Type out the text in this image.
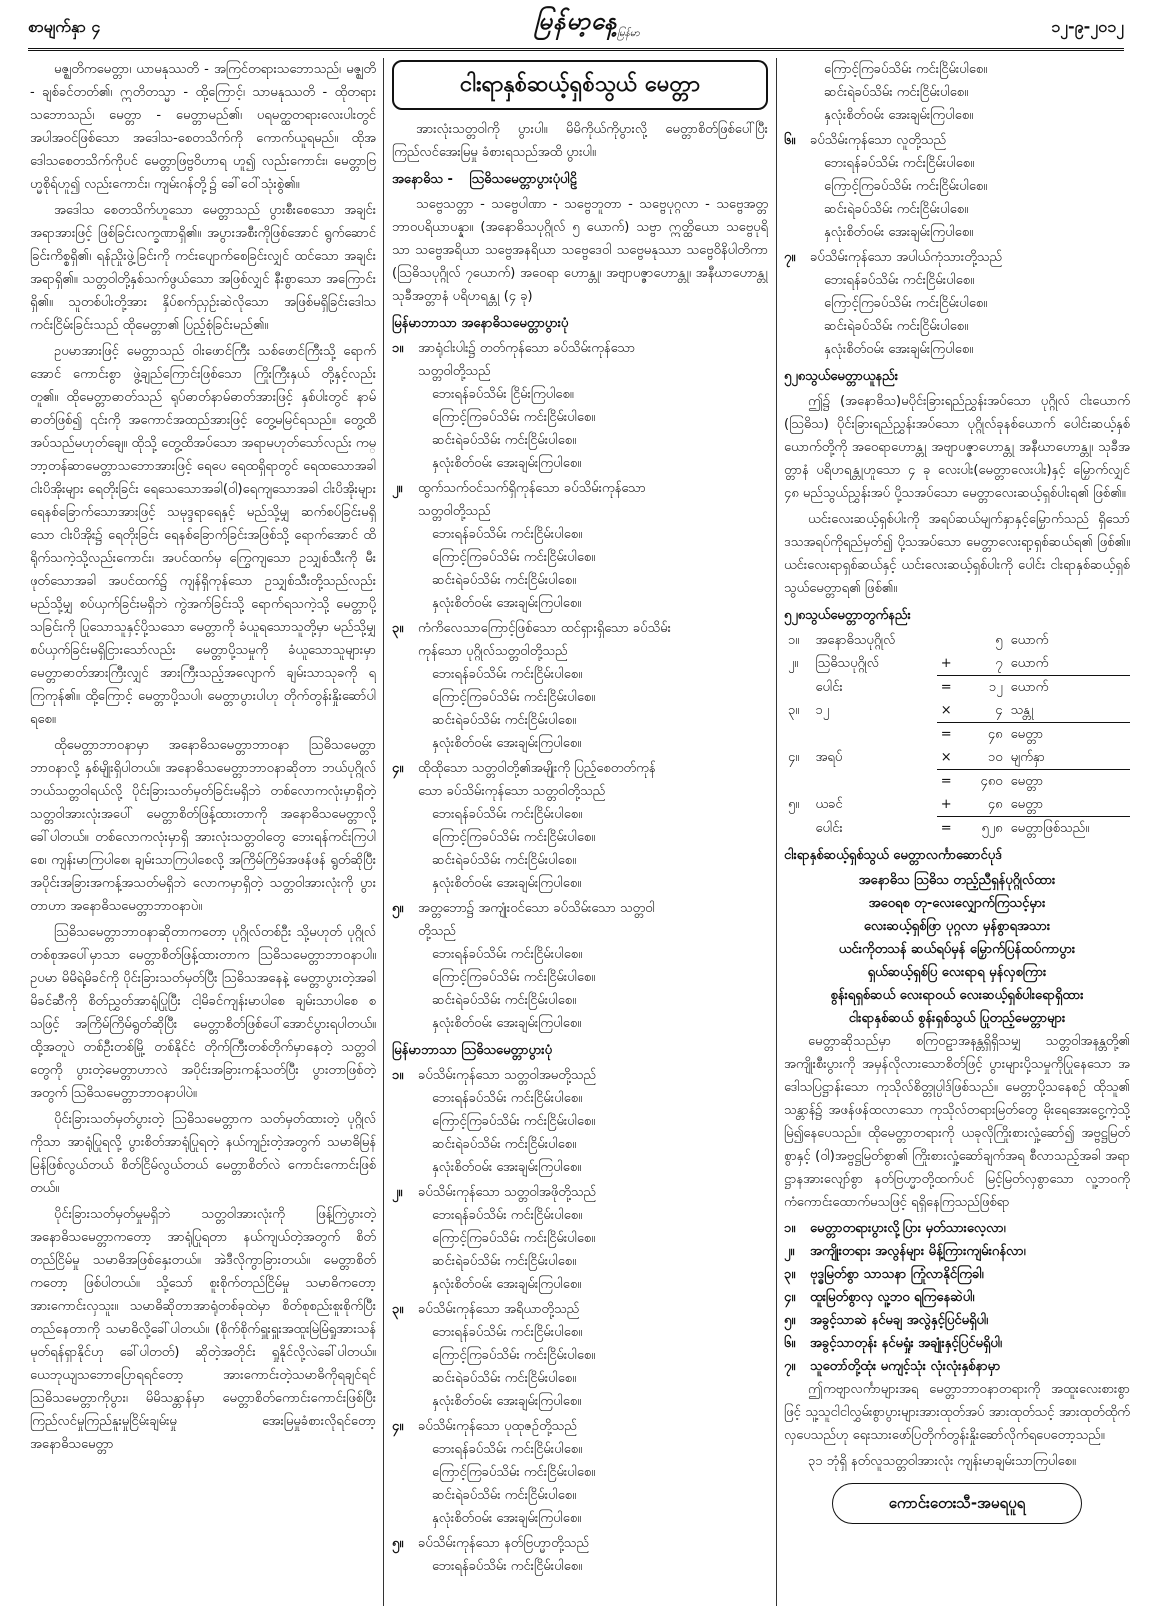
စာမျက်နှာ ၄	မြန်မာ့နေ့ မြန်မာ	၁၂-၉-၂၀၁၂

မဇ္ဈတိကမေတ္တာ၊ ယာမနုဿတိ - အကြင်တရားသဘောသည်၊ မဇ္ဈတိ - ချစ်ခင်တတ်၏၊ ဣတိတသ္မာ - ထို့ကြောင့်၊ သာမနုဿတိ - ထိုတရားသဘောသည်၊ မေတ္တာ - မေတ္တာမည်၏၊ ပရမတ္ထတရားလေးပါးတွင် အပါအဝင်ဖြစ်သော အဒေါသ-စေတသိက်ကို ကောက်ယူရမည်။ ထိုအဒေါသစေတသိက်ကိုပင် မေတ္တာဖြဗ္ဗဝိဟာရ ဟူ၍ လည်းကောင်း၊ မေတ္တာဗြဟ္မစိုရ်ဟူ၍ လည်းကောင်း၊ ကျမ်းဂန်တို့၌ ခေါ်ဝေါ်သုံးစွဲ၏။

အဒေါသ စေတသိက်ဟူသော မေတ္တာသည် ပွားစီးစေသော အချင်းအရာအားဖြင့် ဖြစ်ခြင်းလက္ခဏာရှိ၏။ အပွားအစီးကိုဖြစ်အောင် ရွက်ဆောင်ခြင်းကိစ္စရှိ၏၊ ရန်ညှိုးဖွဲ့ခြင်းကို ကင်းပျောက်စေခြင်းလျှင် ထင်သော အချင်းအရာရှိ၏။ သတ္တဝါတို့နှစ်သက်ဖွယ်သော အဖြစ်လျှင် နီးစွာသော အကြောင်းရှိ၏။ သူတစ်ပါးတို့အား နှိပ်စက်ညှဉ်းဆဲလိုသော အဖြစ်မရှိခြင်းဒေါသကင်းငြိမ်းခြင်းသည် ထိုမေတ္တာ၏ ပြည့်စုံခြင်းမည်၏။

ဥပမာအားဖြင့် မေတ္တာသည် ဝါးဖောင်ကြီး သစ်ဖောင်ကြီးသို့ ရောက်အောင် ကောင်းစွာ ဖွဲ့ချည်ကြောင်းဖြစ်သော ကြိုးကြီးနှယ် တို့နှင့်လည်း တူ၏။ ထိုမေတ္တာဓာတ်သည် ရုပ်ဓာတ်နာမ်ဓာတ်အားဖြင့် နှစ်ပါးတွင် နာမ်ဓာတ်ဖြစ်၍ ၎င်းကို အကောင်အထည်အားဖြင့် တွေ့မမြင်ရသည်။ တွေ့ထိအပ်သည်မဟုတ်ချေ။ ထိုသို့ တွေ့ထိအပ်သော အရာမဟုတ်သော်လည်း ကမ္ဘာ့တန်ဆာမေတ္တာသဘောအားဖြင့် ရေပေ ရေထရှိရာတွင် ရေထသောအခါ ငါးပိအိုးများ ရေတိုးခြင်း ရေသေသောအခါ(ဝါ)ရေကျသောအခါ ငါးပိအိုးများ ရေနစ်ခြောက်သောအားဖြင့် သမုဒ္ဒရာရေနှင့် မည်သို့မျှ ဆက်စပ်ခြင်းမရှိသော ငါးပိအိုး၌ ရေတိုးခြင်း ရေနစ်ခြောက်ခြင်းအဖြစ်သို့ ရောက်အောင် ထိရိုက်သကဲ့သို့လည်းကောင်း၊ အပင်ထက်မှ ကြွေကျသော ဥသျှစ်သီးကို မီးဖုတ်သောအခါ အပင်ထက်၌ ကျန်ရှိကုန်သော ဥသျှစ်သီးတို့သည်လည်း မည်သို့မျှ စပ်ယှက်ခြင်းမရှိဘဲ ကွဲအက်ခြင်းသို့ ရောက်ရသကဲ့သို့ မေတ္တာပို့သခြင်းကို ပြုသောသူနှင့်ပို့သသော မေတ္တာကို ခံယူရသောသူတို့မှာ မည်သို့မျှ စပ်ယှက်ခြင်းမရှိငြားသော်လည်း မေတ္တာပို့သမှုကို ခံယူသောသူများမှာ မေတ္တာဓာတ်အားကြီးလျှင် အားကြီးသည့်အလျောက် ချမ်းသာသုခကို ရကြကုန်၏။ ထို့ကြောင့် မေတ္တာပို့သပါ၊ မေတ္တာပွားပါဟု တိုက်တွန်းနှိုးဆော်ပါရစေ။

ထိုမေတ္တာဘာဝနာမှာ အနောဓိသမေတ္တာဘာဝနာ ဩဓိသမေတ္တာဘာဝနာလို့ နှစ်မျိုးရှိပါတယ်။ အနောဓိသမေတ္တာဘာဝနာဆိုတာ ဘယ်ပုဂ္ဂိုလ်ဘယ်သတ္တဝါရယ်လို့ ပိုင်းခြားသတ်မှတ်ခြင်းမရှိဘဲ တစ်လောကလုံးမှာရှိတဲ့ သတ္တဝါအားလုံးအပေါ် မေတ္တာစိတ်ဖြန့်ထားတာကို အနောဓိသမေတ္တာလို့ ခေါ်ပါတယ်။ တစ်လောကလုံးမှာရှိ အားလုံးသတ္တဝါတွေ ဘေးရန်ကင်းကြပါစေ၊ ကျန်းမာကြပါစေ၊ ချမ်းသာကြပါစေလို့ အကြိမ်ကြိမ်အဖန်ဖန် ရွတ်ဆိုပြီး အပိုင်းအခြားအကန့်အသတ်မရှိဘဲ လောကမှာရှိတဲ့ သတ္တဝါအားလုံးကို ပွားတာဟာ အနောဓိသမေတ္တာဘာဝနာပဲ။

ဩဓိသမေတ္တာဘာဝနာဆိုတာကတော့ ပုဂ္ဂိုလ်တစ်ဦး သို့မဟုတ် ပုဂ္ဂိုလ်တစ်စုအပေါ်မှာသာ မေတ္တာစိတ်ဖြန့်ထားတာက ဩဓိသမေတ္တာဘာဝနာပါ။ ဥပမာ မိမိရဲ့မိခင်ကို ပိုင်းခြားသတ်မှတ်ပြီး ဩဓိသအနေနဲ့ မေတ္တာပွားတဲ့အခါ မိခင်ဆီကို စိတ်ညွှတ်အာရုံပြုပြီး ငါ့မိခင်ကျန်းမာပါစေ ချမ်းသာပါစေ စသဖြင့် အကြိမ်ကြိမ်ရွတ်ဆိုပြီး မေတ္တာစိတ်ဖြစ်ပေါ်အောင်ပွားရပါတယ်။ ထို့အတူပဲ တစ်ဦးတစ်မြို့ တစ်နိုင်ငံ တိုက်ကြီးတစ်တိုက်မှာနေတဲ့ သတ္တဝါတွေကို ပွားတဲ့မေတ္တာဟာလဲ အပိုင်းအခြားကန့်သတ်ပြီး ပွားတာဖြစ်တဲ့အတွက် ဩဓိသမေတ္တာဘာဝနာပါပဲ။

ပိုင်းခြားသတ်မှတ်ပွားတဲ့ ဩဓိသမေတ္တာက သတ်မှတ်ထားတဲ့ ပုဂ္ဂိုလ်ကိုသာ အာရုံပြုရလို့ ပွားစိတ်အာရုံပြုရတဲ့ နယ်ကျဉ်းတဲ့အတွက် သမာဓိမြန်မြန်ဖြစ်လွယ်တယ် စိတ်ငြိမ်လွယ်တယ် မေတ္တာစိတ်လဲ ကောင်းကောင်းဖြစ်တယ်။

ပိုင်းခြားသတ်မှတ်မှုမရှိဘဲ သတ္တဝါအားလုံးကို ဖြန့်ကြဲပွားတဲ့ အနောဓိသမေတ္တာကတော့ အာရုံပြုရတာ နယ်ကျယ်တဲ့အတွက် စိတ်တည်ငြိမ်မှု သမာဓိအဖြစ်နှေးတယ်။ အဲဒီလိုကွာခြားတယ်။ မေတ္တာစိတ်ကတော့ ဖြစ်ပါတယ်။ သို့သော် စူးစိုက်တည်ငြိမ်မှု သမာဓိကတော့ အားကောင်းလှသူး။ သမာဓိဆိုတာအာရုံတစ်ခုထဲမှာ စိတ်စုစည်းစူးစိုက်ပြီးတည်နေတာကို သမာဓိလို့ခေါ်ပါတယ်။ (စိုက်စိုက်ရှူးရှူးအထူးမြဲမြံရှုအားသန် မုတ်ရန်ရှာနိုင်ဟု ခေါ်ပါတတ်) ဆိုတဲ့အတိုင်း ရှုနိုင်လို့လဲခေါ်ပါတယ်။ ယေဘုယျသဘောပြောရရင်တော့ အားကောင်းတဲ့သမာဓိကိုရချင်ရင် ဩဓိသမေတ္တာကိုပွား၊ မိမိသန္တာန်မှာ မေတ္တာစိတ်ကောင်းကောင်းဖြစ်ပြီး ကြည်လင်မှုကြည်နူးမှုငြိမ်းချမ်းမှု အေးမြမှုခံစားလိုရင်တော့ အနောဓိသမေတ္တာ

ငါးရာနှစ်ဆယ့်ရှစ်သွယ် မေတ္တာ

အားလုံးသတ္တဝါကို ပွားပါ။ မိမိကိုယ်ကိုပွားလို့ မေတ္တာစိတ်ဖြစ်ပေါ်ပြီး ကြည်လင်အေးမြမှု ခံစားရသည်အထိ ပွားပါ။

အနောဓိသ - ဩဓိသမေတ္တာပွားပုံပါဠိ

သဗ္ဗေသတ္တာ - သဗ္ဗေပါဏာ - သဗ္ဗေဘူတာ - သဗ္ဗေပုဂ္ဂလာ - သဗ္ဗေအတ္တဘာဝပရိယာပန္နာ။ (အနောဓိသပုဂ္ဂိုလ် ၅ ယောက်) သဗ္ဗာ ဣတ္ထိယော သဗ္ဗေပုရိသာ သဗ္ဗေအရိယာ သဗ္ဗေအနရိယာ သဗ္ဗေဒေဝါ သဗ္ဗေမနုဿာ သဗ္ဗေဝိနိပါတိကာ (ဩဓိသပုဂ္ဂိုလ် ၇ယောက်) အဝေရာ ဟောန္တု၊ အဗျာပဇ္ဇာဟောန္တု၊ အနီဃာဟောန္တု သုခီအတ္တာနံ ပရိဟရန္တု (၄ ခု)

မြန်မာဘာသာ အနောဓိသမေတ္တာပွားပုံ
၁။	အာရုံငါးပါး၌ တတ်ကုန်သော ခပ်သိမ်းကုန်သော
သတ္တဝါတို့သည်
ဘေးရန်ခပ်သိမ်း ငြိမ်းကြပါစေ။
ကြောင့်ကြခပ်သိမ်း ကင်းငြိမ်းပါစေ။
ဆင်းရဲခပ်သိမ်း ကင်းငြိမ်းပါစေ။
နှလုံးစိတ်ဝမ်း အေးချမ်းကြပါစေ။
၂။	ထွက်သက်ဝင်သက်ရှိကုန်သော ခပ်သိမ်းကုန်သော
သတ္တဝါတို့သည်
ဘေးရန်ခပ်သိမ်း ကင်းငြိမ်းပါစေ။
ကြောင့်ကြခပ်သိမ်း ကင်းငြိမ်းပါစေ။
ဆင်းရဲခပ်သိမ်း ကင်းငြိမ်းပါစေ။
နှလုံးစိတ်ဝမ်း အေးချမ်းကြပါစေ။
၃။	ကံကိလေသာကြောင့်ဖြစ်သော ထင်ရှားရှိသော ခပ်သိမ်း
ကုန်သော ပုဂ္ဂိုလ်သတ္တဝါတို့သည်
ဘေးရန်ခပ်သိမ်း ကင်းငြိမ်းပါစေ။
ကြောင့်ကြခပ်သိမ်း ကင်းငြိမ်းပါစေ။
ဆင်းရဲခပ်သိမ်း ကင်းငြိမ်းပါစေ။
နှလုံးစိတ်ဝမ်း အေးချမ်းကြပါစေ။
၄။	ထိုထိုသော သတ္တဝါတို့၏အမျိုးကို ပြည့်စေတတ်ကုန်
သော ခပ်သိမ်းကုန်သော သတ္တဝါတို့သည်
ဘေးရန်ခပ်သိမ်း ကင်းငြိမ်းပါစေ။
ကြောင့်ကြခပ်သိမ်း ကင်းငြိမ်းပါစေ။
ဆင်းရဲခပ်သိမ်း ကင်းငြိမ်းပါစေ။
နှလုံးစိတ်ဝမ်း အေးချမ်းကြပါစေ။
၅။	အတ္တဘော၌ အကျုံးဝင်သော ခပ်သိမ်းသော သတ္တဝါ
တို့သည်
ဘေးရန်ခပ်သိမ်း ကင်းငြိမ်းပါစေ။
ကြောင့်ကြခပ်သိမ်း ကင်းငြိမ်းပါစေ။
ဆင်းရဲခပ်သိမ်း ကင်းငြိမ်းပါစေ။
နှလုံးစိတ်ဝမ်း အေးချမ်းကြပါစေ။
မြန်မာဘာသာ ဩဓိသမေတ္တာပွားပုံ
၁။	ခပ်သိမ်းကုန်သော သတ္တဝါအမတို့သည်
ဘေးရန်ခပ်သိမ်း ကင်းငြိမ်းပါစေ။
ကြောင့်ကြခပ်သိမ်း ကင်းငြိမ်းပါစေ။
ဆင်းရဲခပ်သိမ်း ကင်းငြိမ်းပါစေ။
နှလုံးစိတ်ဝမ်း အေးချမ်းကြပါစေ။
၂။	ခပ်သိမ်းကုန်သော သတ္တဝါအဖိုတို့သည်
ဘေးရန်ခပ်သိမ်း ကင်းငြိမ်းပါစေ။
ကြောင့်ကြခပ်သိမ်း ကင်းငြိမ်းပါစေ။
ဆင်းရဲခပ်သိမ်း ကင်းငြိမ်းပါစေ။
နှလုံးစိတ်ဝမ်း အေးချမ်းကြပါစေ။
၃။	ခပ်သိမ်းကုန်သော အရိယာတို့သည်
ဘေးရန်ခပ်သိမ်း ကင်းငြိမ်းပါစေ။
ကြောင့်ကြခပ်သိမ်း ကင်းငြိမ်းပါစေ။
ဆင်းရဲခပ်သိမ်း ကင်းငြိမ်းပါစေ။
နှလုံးစိတ်ဝမ်း အေးချမ်းကြပါစေ။
၄။	ခပ်သိမ်းကုန်သော ပုထုဇဉ်တို့သည်
ဘေးရန်ခပ်သိမ်း ကင်းငြိမ်းပါစေ။
ကြောင့်ကြခပ်သိမ်း ကင်းငြိမ်းပါစေ။
ဆင်းရဲခပ်သိမ်း ကင်းငြိမ်းပါစေ။
နှလုံးစိတ်ဝမ်း အေးချမ်းကြပါစေ။
၅။	ခပ်သိမ်းကုန်သော နတ်ဗြဟ္မာတို့သည်
ဘေးရန်ခပ်သိမ်း ကင်းငြိမ်းပါစေ။
ကြောင့်ကြခပ်သိမ်း ကင်းငြိမ်းပါစေ။
ဆင်းရဲခပ်သိမ်း ကင်းငြိမ်းပါစေ။
နှလုံးစိတ်ဝမ်း အေးချမ်းကြပါစေ။
၆။	ခပ်သိမ်းကုန်သော လူတို့သည်
ဘေးရန်ခပ်သိမ်း ကင်းငြိမ်းပါစေ။
ကြောင့်ကြခပ်သိမ်း ကင်းငြိမ်းပါစေ။
ဆင်းရဲခပ်သိမ်း ကင်းငြိမ်းပါစေ။
နှလုံးစိတ်ဝမ်း အေးချမ်းကြပါစေ။
၇။	ခပ်သိမ်းကုန်သော အပါယ်ကုံသားတို့သည်
ဘေးရန်ခပ်သိမ်း ကင်းငြိမ်းပါစေ။
ကြောင့်ကြခပ်သိမ်း ကင်းငြိမ်းပါစေ။
ဆင်းရဲခပ်သိမ်း ကင်းငြိမ်းပါစေ။
နှလုံးစိတ်ဝမ်း အေးချမ်းကြပါစေ။
၅၂၈သွယ်မေတ္တာယူနည်း

ဤ၌ (အနောဓိသ)မပိုင်းခြားရည်ညွှန်းအပ်သော ပုဂ္ဂိုလ် ငါးယောက် (ဩဓိသ) ပိုင်းခြားရည်ညွှန်းအပ်သော ပုဂ္ဂိုလ်ခုနစ်ယောက် ပေါင်းဆယ့်နှစ်ယောက်တို့ကို အဝေရာဟောန္တု အဗျာပဇ္ဇာဟောန္တု အနီဃာဟောန္တု၊ သုခီအတ္တာနံ ပရိဟရန္တုဟူသော ၄ ခု လေးပါး(မေတ္တာလေးပါး)နှင့် မြှောက်လျှင် ၄၈ မည်သွယ်ညွှန်းအပ် ပို့သအပ်သော မေတ္တာလေးဆယ့်ရှစ်ပါးရ၏ ဖြစ်၏။

ယင်းလေးဆယ့်ရှစ်ပါးကို အရပ်ဆယ်မျက်နှာနှင့်မြှောက်သည် ရှိသော် ဒသအရပ်ကိုရည်မှတ်၍ ပို့သအပ်သော မေတ္တာလေးရာ့ရှစ်ဆယ်ရ၏ ဖြစ်၏။ ယင်းလေးရာရှစ်ဆယ်နှင့် ယင်းလေးဆယ့်ရှစ်ပါးကို ပေါင်း ငါးရာနှစ်ဆယ့်ရှစ်သွယ်မေတ္တာရ၏ ဖြစ်၏။

၅၂၈သွယ်မေတ္တာတွက်နည်း
၁။	အနောဓိသပုဂ္ဂိုလ်		၅	ယောက်
၂။	ဩဓိသပုဂ္ဂိုလ်	+	၇	ယောက်
	ပေါင်း	=	၁၂	ယောက်
၃။	၁၂	×	၄	သန္တု
		=	၄၈	မေတ္တာ
၄။	အရပ်	×	၁၀	မျက်နှာ
		=	၄၈၀	မေတ္တာ
၅။	ယခင်	+	၄၈	မေတ္တာ
	ပေါင်း	=	၅၂၈	မေတ္တာဖြစ်သည်။
ငါးရာနှစ်ဆယ့်ရှစ်သွယ် မေတ္တာလင်္ကာဆောင်ပုဒ်
အနောဓိသ ဩဓိသ တည့်ညီရှန်ပုဂ္ဂိုလ်ထား
အဝေရစ တု-လေးလျှောက်ကြသင့်မှား
လေးဆယ့်ရှစ်ဖြာ ပုဂ္ဂလာ မှန်စွာရအသား
ယင်းကိုတသန် ဆယ်ရပ်မှန် မြှောက်ပြန်ထပ်ကာပွား
ရှယ်ဆယ့်ရှစ်ပြ လေးရာရ မှန်လှစကြား
စွန်းရရှစ်ဆယ် လေးရာဝယ် လေးဆယ့်ရှစ်ပါးရောရှိထား
ငါးရာနှစ်ဆယ် စွန်းရှစ်သွယ် ပြုတည့်မေတ္တာများ

မေတ္တာဆိုသည်မှာ စကြဝဠာအနန္တရှိရှိသမျှ သတ္တဝါအနန္တတို့၏ အကျိုးစီးပွားကို အမှန်လိုလားသောစိတ်ဖြင့် ပွားများပို့သမှုကိုပြုနေသော အဒေါသပြဋ္ဌာန်းသော ကုသိုလ်စိတ္တုပ္ပါဒ်ဖြစ်သည်။ မေတ္တာပို့သနေစဉ် ထိုသူ၏ သန္တာန်၌ အဖန်ဖန်ထလာသော ကုသိုလ်တရားမြတ်တွေ မိုးရေအေးငွေ့ကဲ့သို့ မြဲ၍နေပေသည်။ ထိုမေတ္တာတရားကို ယခုလိုကြိုးစားလှုံ့ဆော်၍ အဗ္ဗဋ္ဌမြတ်စွာနှင့် (ဝါ)အဗ္ဗဋ္ဌမြတ်စွာ၏ ကြိုးစားလှုံ့ဆော်ချက်အရ စီလာသည့်အခါ အရာဋ္ဌာနအားလျော်စွာ နတ်ဗြဟ္မာတို့ထက်ပင် မြင့်မြတ်လှစွာသော လူ့ဘဝကို ကံကောင်းထောက်မသဖြင့် ရရှိနေကြသည်ဖြစ်ရာ

၁။	မေတ္တာတရားပွားလို့ပြား မှတ်သားလေ့လာ၊
၂။	အကျိုးတရား အလွန်များ မိန့်ကြားကျမ်းဂန်လာ၊
၃။	ဗုဒ္ဓမြတ်စွာ သာသနာ ကြုံလာနိုင်ကြခါ၊
၄။	ထူးမြတ်စွာလှ လူ့ဘဝ ရကြနေဆဲပါ၊
၅။	အခွင့်သာဆဲ နင်မချ အလွဲနှင့်ပြင်မရှိပါ၊
၆။	အခွင့်သာတုန်း နင်မရှုံး အချုံးနှင့်ပြင်မရှိပါ၊
၇။	သူတော်တို့ထုံး မကျင့်သုံး လုံးလုံးနှစ်နာမှာ

ဤကဗျာလင်္ကာများအရ မေတ္တာဘာဝနာတရားကို အထူးလေးစားစွာဖြင့် သူ့သူငါငါလွှမ်းစွာပွားများအားထုတ်အပ် အားထုတ်သင့် အားထုတ်ထိုက်လှပေသည်ဟု ရေးသားဖော်ပြတိုက်တွန်းနှိုးဆော်လိုက်ရပေတော့သည်။

၃၁ ဘုံရှိ နတ်လူသတ္တဝါအားလုံး ကျန်းမာချမ်းသာကြပါစေ။

ကောင်းတေးသီ-အမရပူရ
